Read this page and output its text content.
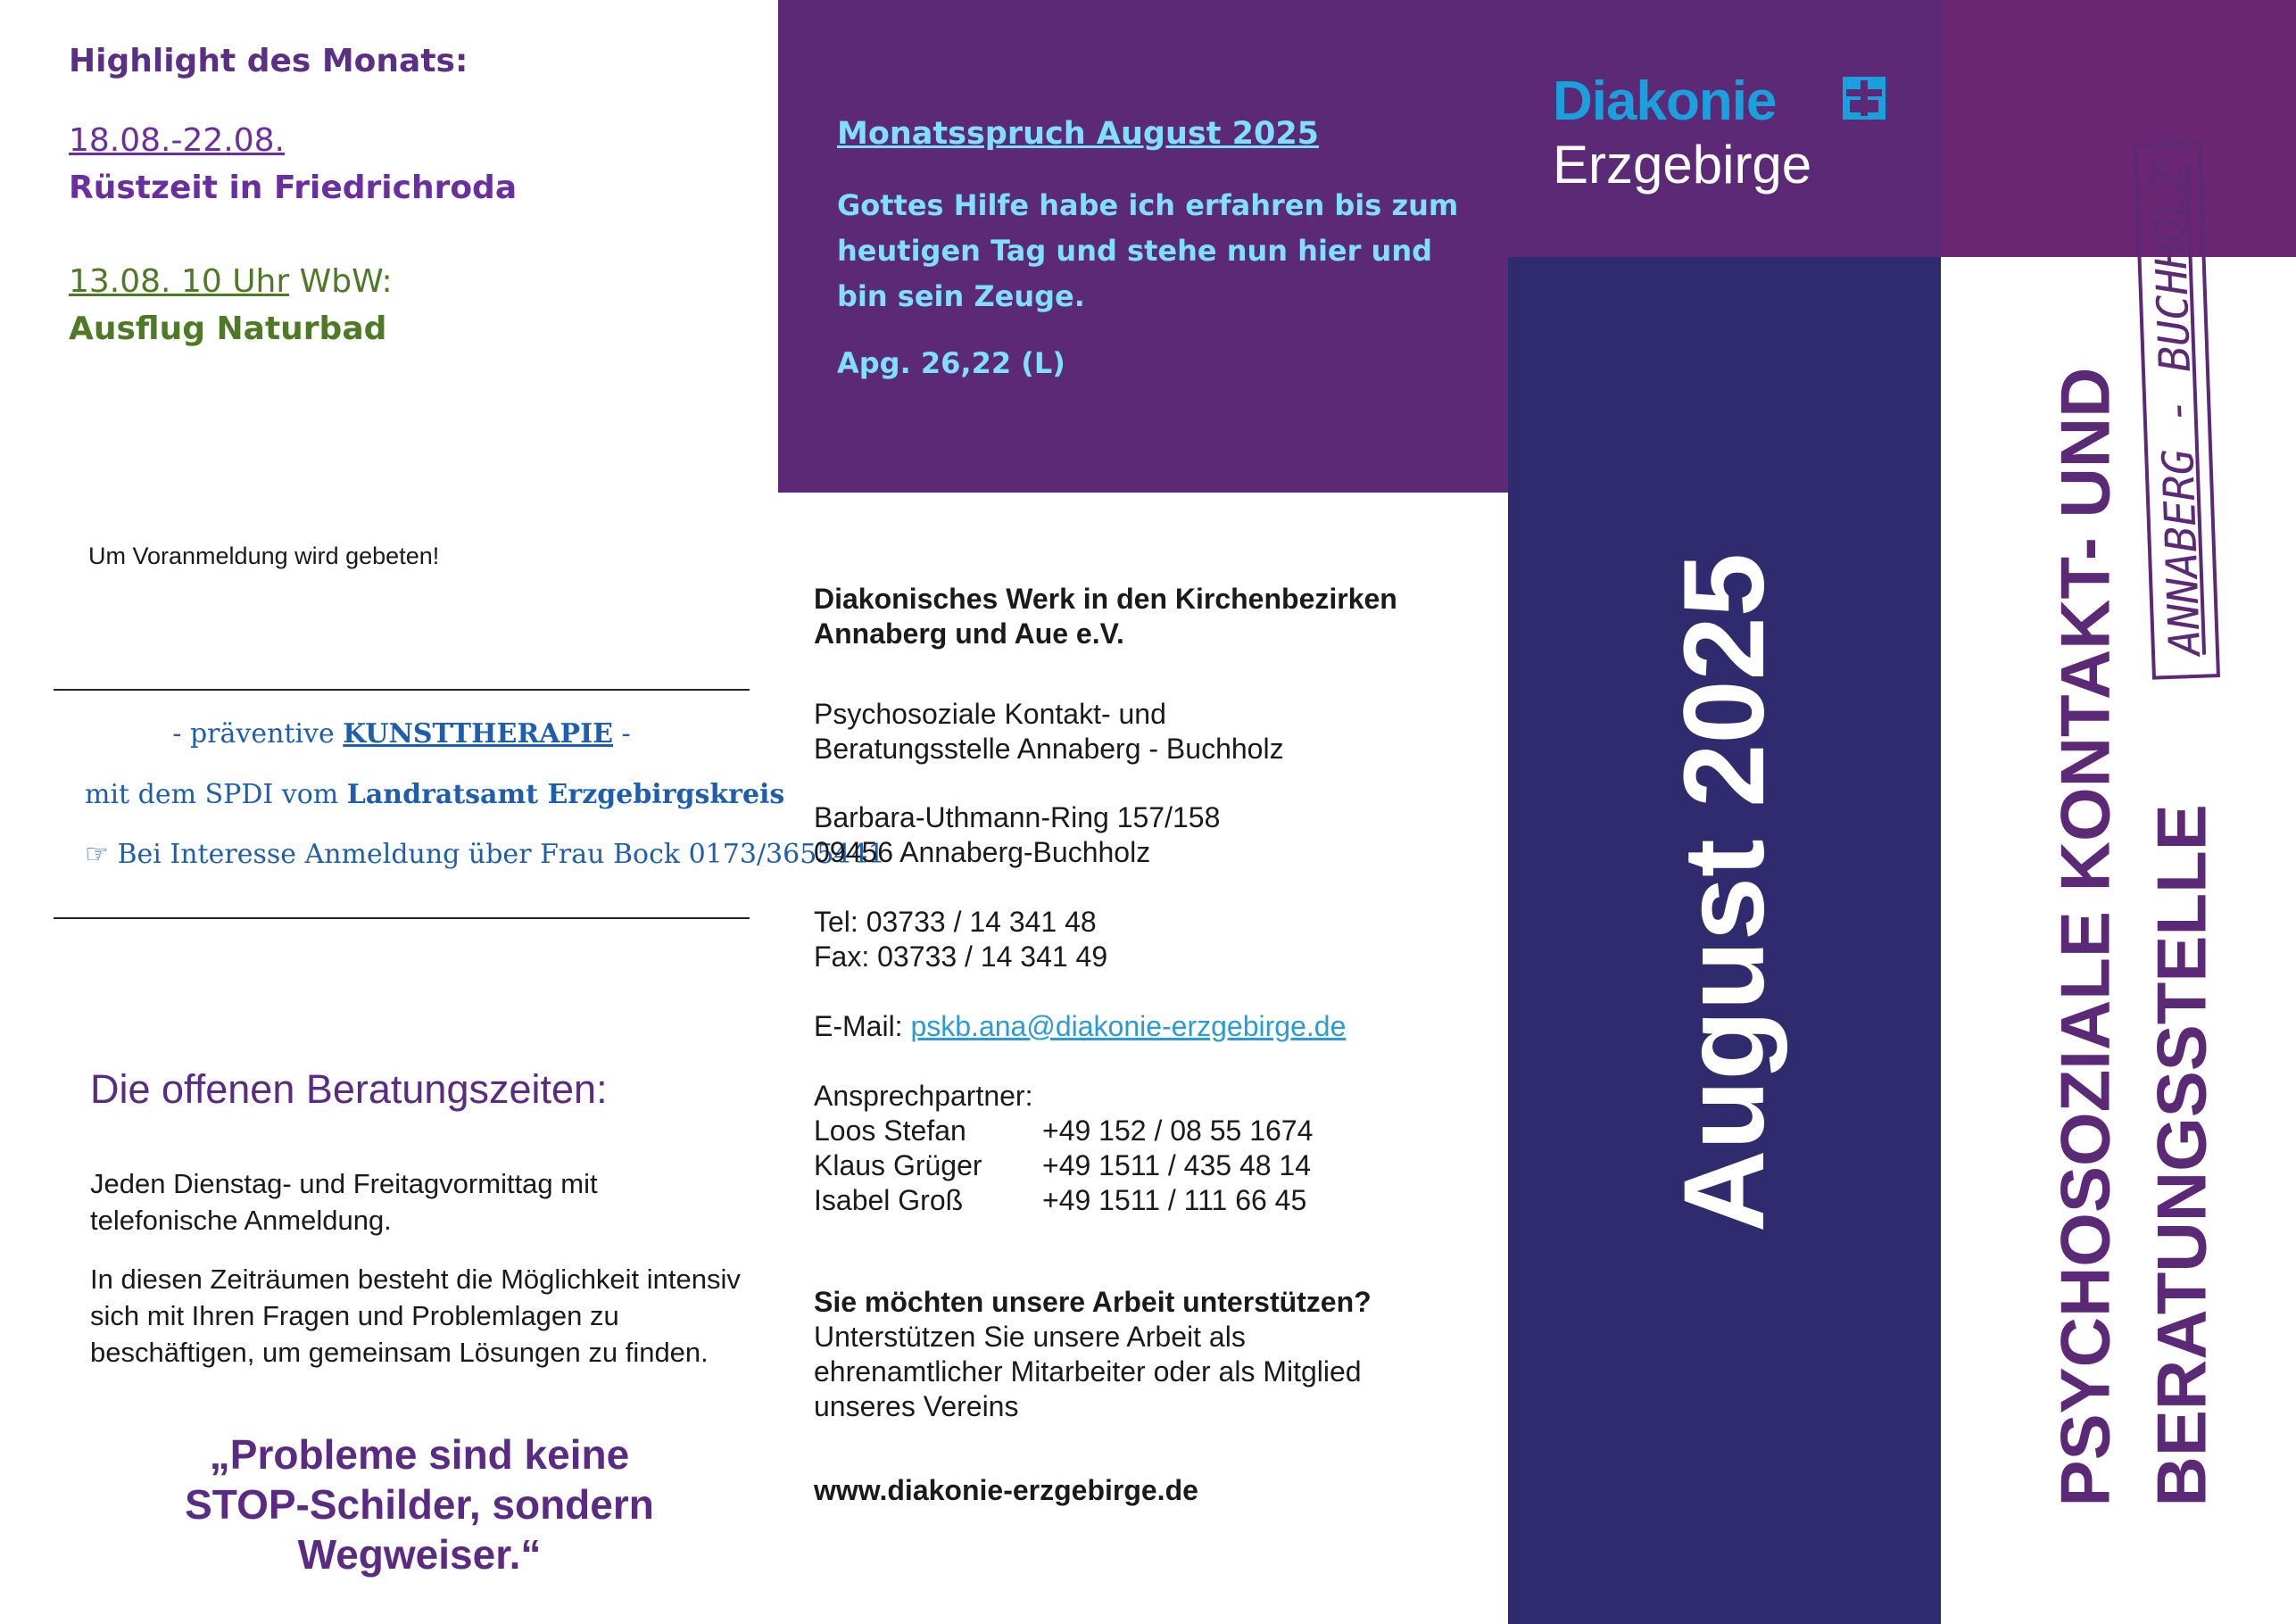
Highlight des Monats:
18.08.-22.08.
Rüstzeit in Friedrichroda
13.08. 10 Uhr WbW:
Ausflug Naturbad
Um Voranmeldung wird gebeten!
- präventive KUNSTTHERAPIE -
mit dem SPDI vom Landratsamt Erzgebirgskreis
☞ Bei Interesse Anmeldung über Frau Bock 0173/3655441
Die offenen Beratungszeiten:
Jeden Dienstag- und Freitagvormittag mit telefonische Anmeldung.
In diesen Zeiträumen besteht die Möglichkeit intensiv sich mit Ihren Fragen und Problemlagen zu beschäftigen, um gemeinsam Lösungen zu finden.
„Probleme sind keine
STOP-Schilder, sondern
Wegweiser.“
Monatsspruch August 2025
Gottes Hilfe habe ich erfahren bis zum heutigen Tag und stehe nun hier und bin sein Zeuge.
Apg. 26,22 (L)
Diakonisches Werk in den Kirchenbezirken
Annaberg und Aue e.V.
Psychosoziale Kontakt- und
Beratungsstelle Annaberg - Buchholz
Barbara-Uthmann-Ring 157/158
09456 Annaberg-Buchholz
Tel: 03733 / 14 341 48
Fax: 03733 / 14 341 49
E-Mail: pskb.ana@diakonie-erzgebirge.de
Ansprechpartner:
Loos Stefan	+49 152 / 08 55 1674
Klaus Grüger	+49 1511 / 435 48 14
Isabel Groß	+49 1511 / 111 66 45
Sie möchten unsere Arbeit unterstützen?
Unterstützen Sie unsere Arbeit als
ehrenamtlicher Mitarbeiter oder als Mitglied
unseres Vereins
www.diakonie-erzgebirge.de
Diakonie
Erzgebirge
August 2025	PSYCHOSOZIALE KONTAKT- UND BERATUNGSSTELLE
ANNABERG - BUCHHOLZ
